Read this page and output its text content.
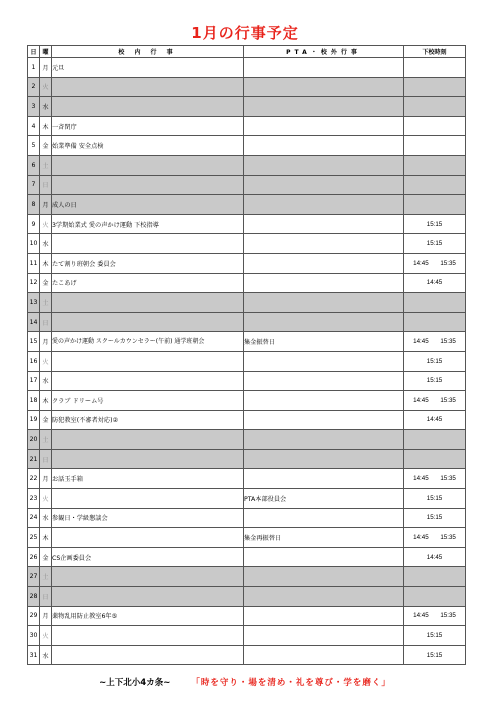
1月の行事予定
日	曜	校 内 行 事	PTA・校外行事	下校時刻
1	月	元旦		
2	火			
3	水			
4	木	一斉閉庁		
5	金	始業準備 安全点検		
6	土			
7	日			
8	月	成人の日		
9	火	3学期始業式 愛の声かけ運動 下校指導		15:15
10	水			15:15
11	木	たて割り班朝会 委員会		14:45 15:35
12	金	たこあげ		14:45
13	土			
14	日			
15	月	愛の声かけ運動 スクールカウンセラー(午前) 通学班朝会	集金振替日	14:45 15:35
16	火			15:15
17	水			15:15
18	木	クラブ ドリーム号		14:45 15:35
19	金	防犯教室(不審者対応)②		14:45
20	土			
21	日			
22	月	お話玉手箱		14:45 15:35
23	火		PTA本部役員会	15:15
24	水	参観日・学級懇談会		15:15
25	木		集金再振替日	14:45 15:35
26	金	CS企画委員会		14:45
27	土			
28	日			
29	月	薬物乱用防止教室6年⑤		14:45 15:35
30	火			15:15
31	水			15:15
~上下北小4カ条~ 「時を守り・場を清め・礼を尊び・学を磨く」
